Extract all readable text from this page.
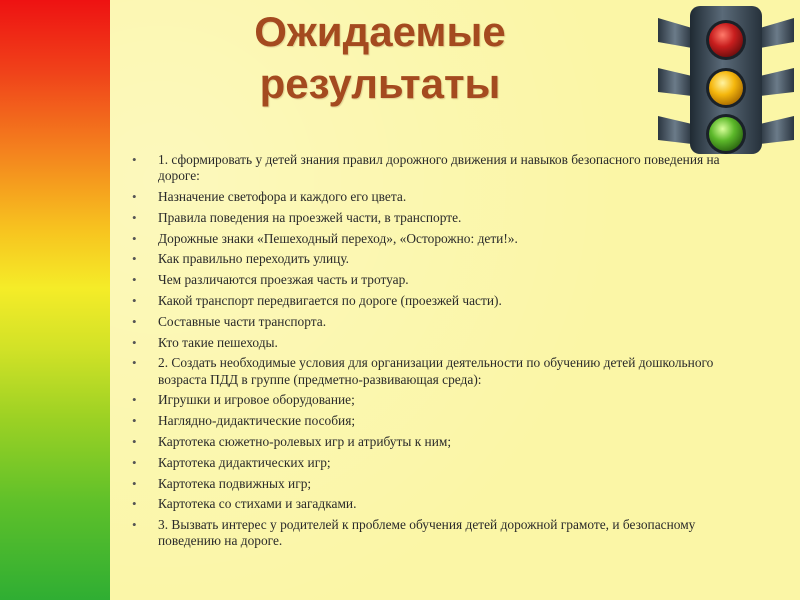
Ожидаемые
результаты
• 1. сформировать у детей знания правил дорожного движения и навыков безопасного поведения на дороге:
• Назначение светофора и каждого его цвета.
• Правила поведения на проезжей части, в транспорте.
• Дорожные знаки «Пешеходный переход», «Осторожно: дети!».
• Как правильно переходить улицу.
• Чем различаются проезжая часть и тротуар.
• Какой транспорт передвигается по дороге (проезжей части).
• Составные части транспорта.
• Кто такие пешеходы.
• 2. Создать необходимые условия для организации деятельности по обучению детей дошкольного возраста ПДД в группе (предметно-развивающая среда):
• Игрушки и игровое оборудование;
• Наглядно-дидактические пособия;
• Картотека сюжетно-ролевых игр и атрибуты к ним;
• Картотека дидактических игр;
• Картотека подвижных игр;
• Картотека со стихами и загадками.
• 3. Вызвать интерес у родителей к проблеме обучения детей дорожной грамоте, и безопасному поведению на дороге.
